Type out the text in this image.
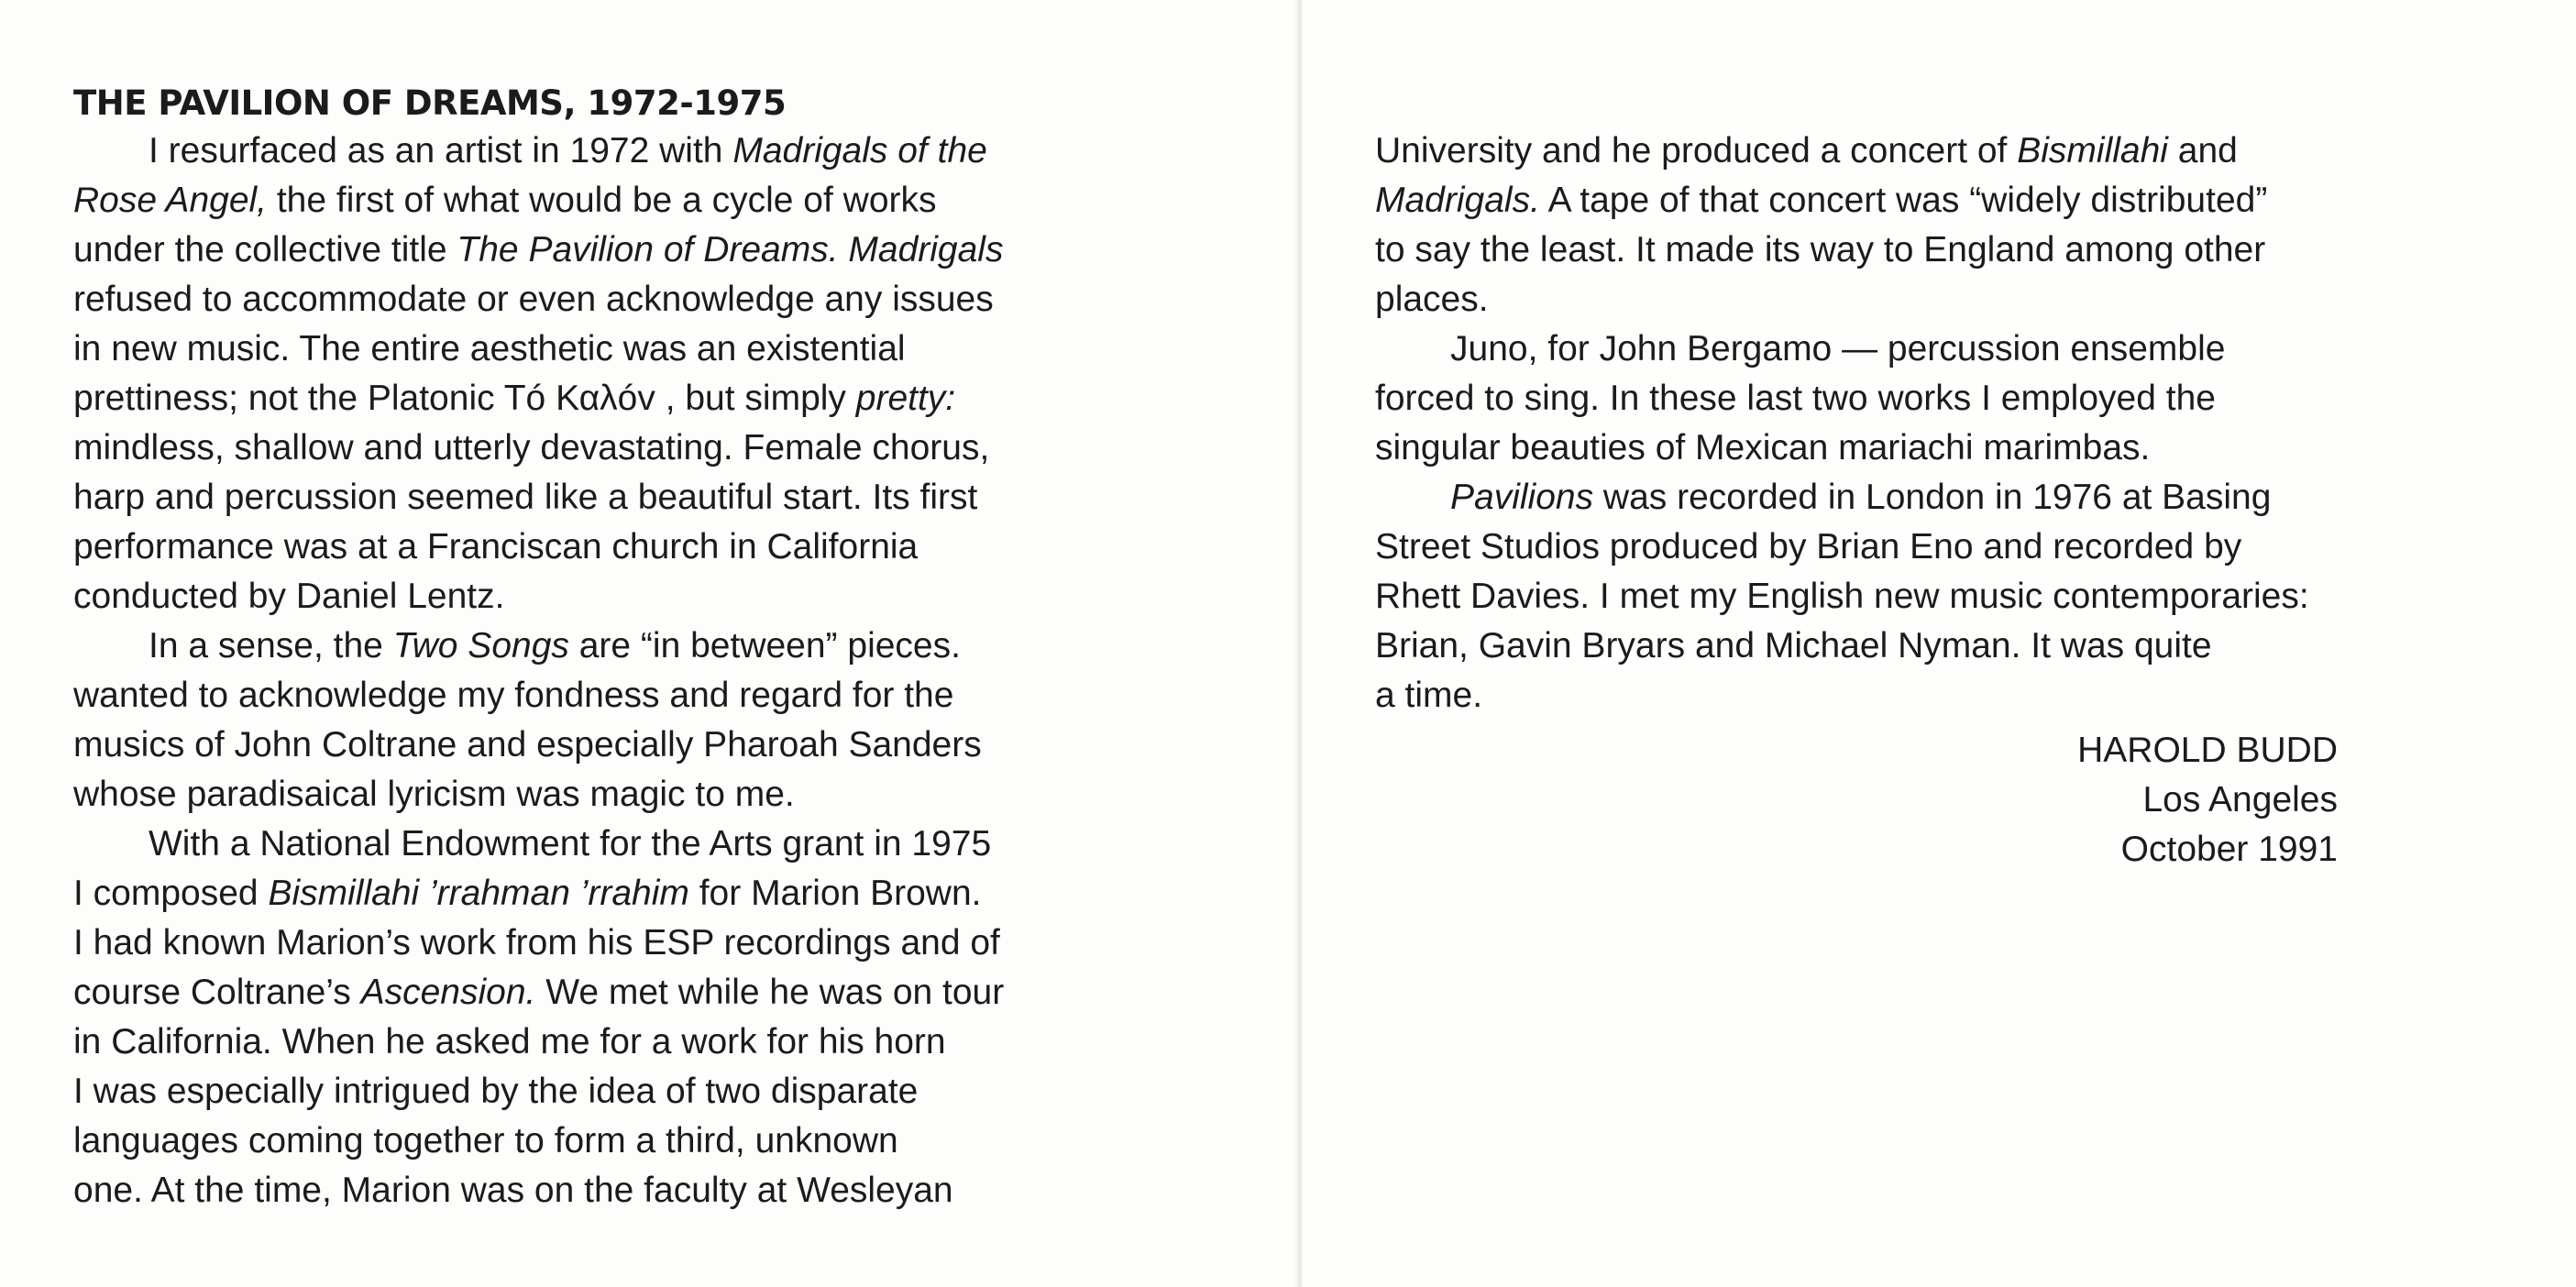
THE PAVILION OF DREAMS, 1972-1975
I resurfaced as an artist in 1972 with Madrigals of the
Rose Angel, the first of what would be a cycle of works
under the collective title The Pavilion of Dreams. Madrigals
refused to accommodate or even acknowledge any issues
in new music. The entire aesthetic was an existential
prettiness; not the Platonic Tó Καλóv , but simply pretty:
mindless, shallow and utterly devastating. Female chorus,
harp and percussion seemed like a beautiful start. Its first
performance was at a Franciscan church in California
conducted by Daniel Lentz.
In a sense, the Two Songs are “in between” pieces.
wanted to acknowledge my fondness and regard for the
musics of John Coltrane and especially Pharoah Sanders
whose paradisaical lyricism was magic to me.
With a National Endowment for the Arts grant in 1975
I composed Bismillahi ’rrahman ’rrahim for Marion Brown.
I had known Marion’s work from his ESP recordings and of
course Coltrane’s Ascension. We met while he was on tour
in California. When he asked me for a work for his horn
I was especially intrigued by the idea of two disparate
languages coming together to form a third, unknown
one. At the time, Marion was on the faculty at Wesleyan
University and he produced a concert of Bismillahi and
Madrigals. A tape of that concert was “widely distributed”
to say the least. It made its way to England among other
places.
Juno, for John Bergamo — percussion ensemble
forced to sing. In these last two works I employed the
singular beauties of Mexican mariachi marimbas.
Pavilions was recorded in London in 1976 at Basing
Street Studios produced by Brian Eno and recorded by
Rhett Davies. I met my English new music contemporaries:
Brian, Gavin Bryars and Michael Nyman. It was quite
a time.
HAROLD BUDD
Los Angeles
October 1991
